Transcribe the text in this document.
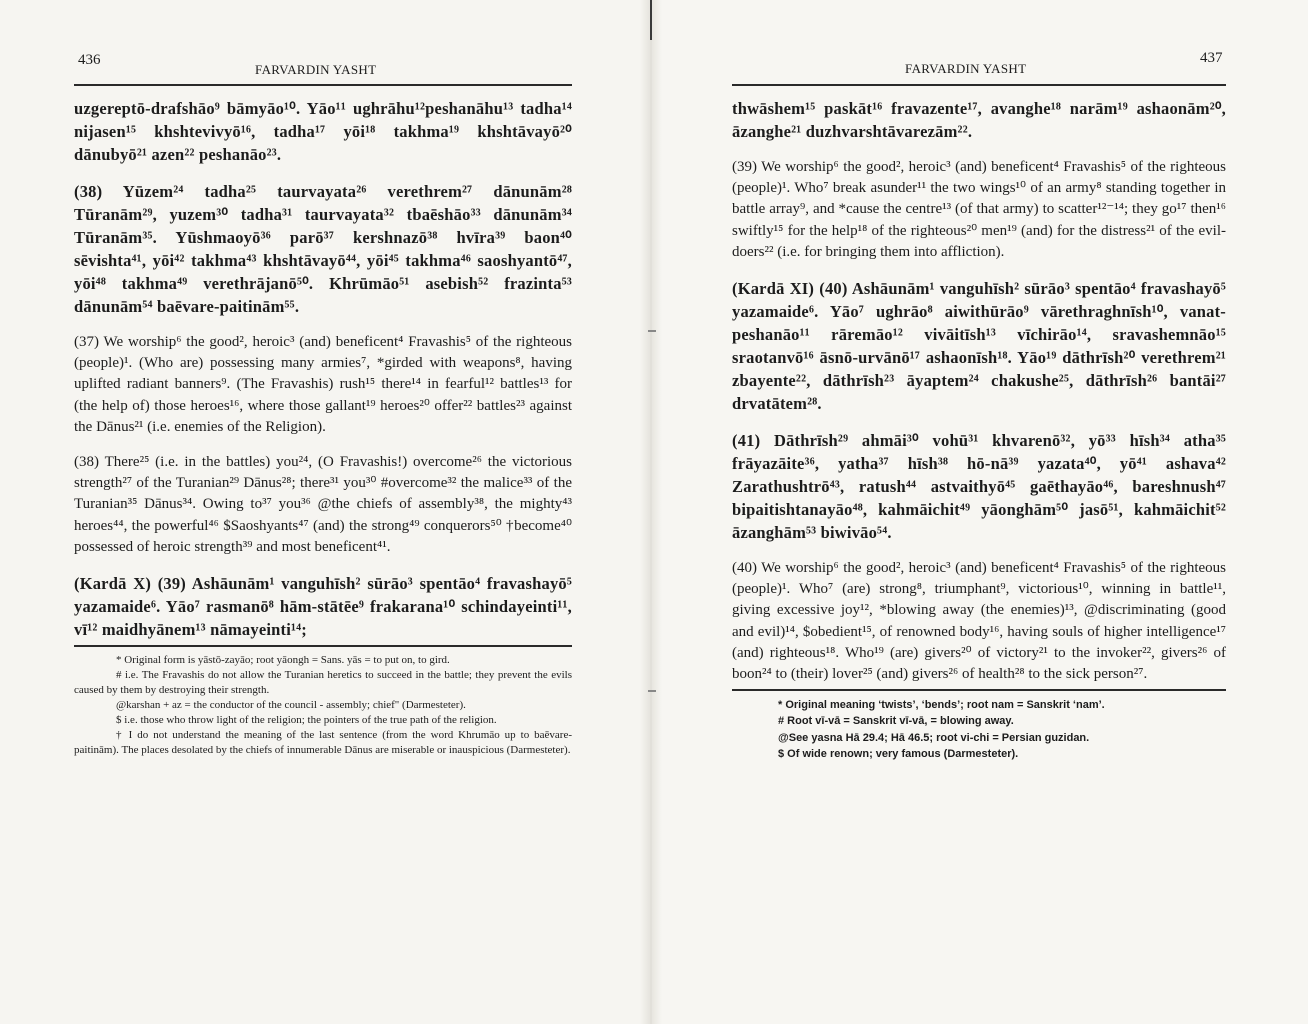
436
FARVARDIN YASHT

uzgereptō-drafshāo⁹ bāmyāo¹⁰. Yāo¹¹ ughrāhu¹²peshanāhu¹³ tadha¹⁴ nijasen¹⁵ khshtevivyō¹⁶, tadha¹⁷ yōi¹⁸ takhma¹⁹ khshtāvayō²⁰ dānubyō²¹ azen²² peshanāo²³.

(38) Yūzem²⁴ tadha²⁵ taurvayata²⁶ verethrem²⁷ dānunām²⁸ Tūranām²⁹, yuzem³⁰ tadha³¹ taurvayata³² tbaēshāo³³ dānunām³⁴ Tūranām³⁵. Yūshmaoyō³⁶ parō³⁷ kershnazō³⁸ hvīra³⁹ baon⁴⁰ sēvishta⁴¹, yōi⁴² takhma⁴³ khshtāvayō⁴⁴, yōi⁴⁵ takhma⁴⁶ saoshyantō⁴⁷, yōi⁴⁸ takhma⁴⁹ verethrājanō⁵⁰. Khrūmāo⁵¹ asebish⁵² frazinta⁵³ dānunām⁵⁴ baēvare-paitinām⁵⁵.

(37) We worship⁶ the good², heroic³ (and) beneficent⁴ Fravashis⁵ of the righteous (people)¹. (Who are) possessing many armies⁷, *girded with weapons⁸, having uplifted radiant banners⁹. (The Fravashis) rush¹⁵ there¹⁴ in fearful¹² battles¹³ for (the help of) those heroes¹⁶, where those gallant¹⁹ heroes²⁰ offer²² battles²³ against the Dānus²¹ (i.e. enemies of the Religion).

(38) There²⁵ (i.e. in the battles) you²⁴, (O Fravashis!) overcome²⁶ the victorious strength²⁷ of the Turanian²⁹ Dānus²⁸; there³¹ you³⁰ #overcome³² the malice³³ of the Turanian³⁵ Dānus³⁴. Owing to³⁷ you³⁶ @the chiefs of assembly³⁸, the mighty⁴³ heroes⁴⁴, the powerful⁴⁶ $Saoshyants⁴⁷ (and) the strong⁴⁹ conquerors⁵⁰ †become⁴⁰ possessed of heroic strength³⁹ and most beneficent⁴¹.

(Kardā X) (39) Ashāunām¹ vanguhīsh² sūrāo³ spentāo⁴ fravashayō⁵ yazamaide⁶. Yāo⁷ rasmanō⁸ hām-stātēe⁹ frakarana¹⁰ schindayeinti¹¹, vī¹² maidhyānem¹³ nāmayeinti¹⁴;

* Original form is yāstō-zayāo; root yāongh = Sans. yās = to put on, to gird.

# i.e. The Fravashis do not allow the Turanian heretics to succeed in the battle; they prevent the evils caused by them by destroying their strength.

@karshan + az = the conductor of the council - assembly; chief" (Darmesteter).

$ i.e. those who throw light of the religion; the pointers of the true path of the religion.

† I do not understand the meaning of the last sentence (from the word Khrumāo up to baēvare-paitinām). The places desolated by the chiefs of innumerable Dānus are miserable or inauspicious (Darmesteter).

437
FARVARDIN YASHT

thwāshem¹⁵ paskāt¹⁶ fravazente¹⁷, avanghe¹⁸ narām¹⁹ ashaonām²⁰, āzanghe²¹ duzhvarshtāvarezām²².

(39) We worship⁶ the good², heroic³ (and) beneficent⁴ Fravashis⁵ of the righteous (people)¹. Who⁷ break asunder¹¹ the two wings¹⁰ of an army⁸ standing together in battle array⁹, and *cause the centre¹³ (of that army) to scatter¹²⁻¹⁴; they go¹⁷ then¹⁶ swiftly¹⁵ for the help¹⁸ of the righteous²⁰ men¹⁹ (and) for the distress²¹ of the evil-doers²² (i.e. for bringing them into affliction).

(Kardā XI) (40) Ashāunām¹ vanguhīsh² sūrāo³ spentāo⁴ fravashayō⁵ yazamaide⁶. Yāo⁷ ughrāo⁸ aiwithūrāo⁹ vārethraghnīsh¹⁰, vanat-peshanāo¹¹ rāremāo¹² vivāitīsh¹³ vīchirāo¹⁴, sravashemnāo¹⁵ sraotanvō¹⁶ āsnō-urvānō¹⁷ ashaonīsh¹⁸. Yāo¹⁹ dāthrīsh²⁰ verethrem²¹ zbayente²², dāthrīsh²³ āyaptem²⁴ chakushe²⁵, dāthrīsh²⁶ bantāi²⁷ drvatātem²⁸.

(41) Dāthrīsh²⁹ ahmāi³⁰ vohū³¹ khvarenō³², yō³³ hīsh³⁴ atha³⁵ frāyazāite³⁶, yatha³⁷ hīsh³⁸ hō-nā³⁹ yazata⁴⁰, yō⁴¹ ashava⁴² Zarathushtrō⁴³, ratush⁴⁴ astvaithyō⁴⁵ gaēthayāo⁴⁶, bareshnush⁴⁷ bipaitishtanayāo⁴⁸, kahmāichit⁴⁹ yāonghām⁵⁰ jasō⁵¹, kahmāichit⁵² āzanghām⁵³ biwivāo⁵⁴.

(40) We worship⁶ the good², heroic³ (and) beneficent⁴ Fravashis⁵ of the righteous (people)¹. Who⁷ (are) strong⁸, triumphant⁹, victorious¹⁰, winning in battle¹¹, giving excessive joy¹², *blowing away (the enemies)¹³, @discriminating (good and evil)¹⁴, $obedient¹⁵, of renowned body¹⁶, having souls of higher intelligence¹⁷ (and) righteous¹⁸. Who¹⁹ (are) givers²⁰ of victory²¹ to the invoker²², givers²⁶ of boon²⁴ to (their) lover²⁵ (and) givers²⁶ of health²⁸ to the sick person²⁷.

* Original meaning ‘twists’, ‘bends’; root nam = Sanskrit ‘nam’.

# Root vī-vā = Sanskrit vī-vā, = blowing away.

@See yasna Hā 29.4; Hā 46.5; root vi-chi = Persian guzidan.

$ Of wide renown; very famous (Darmesteter).
